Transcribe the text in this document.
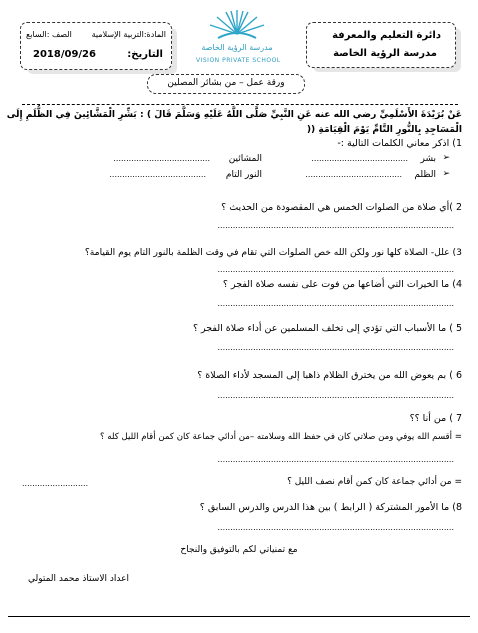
دائرة التعليم والمعرفة
مدرسة الرؤية الخاصة
المادة:التربية الإسلامية
الصف :السابع
التاريخ:
2018/09/26
مدرسة الرؤية الخاصة
VISION PRIVATE SCHOOL
ورقة عمل – من بشائر المصلين
عَنْ بُرَيْدَةَ الأَسْلَمِيِّ رضي الله عنه عَنِ النَّبِيِّ صَلَّى اللَّهُ عَلَيْهِ وَسَلَّمَ قَالَ ) : بَشِّرِ الْمَشَّائِينَ فِي الظُّلَمِ إِلَى
الْمَسَاجِدِ بِالنُّورِ التَّامِّ يَوْمَ الْقِيَامَةِ ((
1) اذكر معاني الكلمات التالية :-
➢
بشر
......................................
المشائين
......................................
➢
الظلم
......................................
النور التام
......................................
2 )أي صلاة من الصلوات الخمس هي المقصودة من الحديث ؟
.............................................................................................
3) علل- الصلاة كلها نور ولكن الله خص الصلوات التي تقام في وقت الظلمة بالنور التام يوم القيامة؟
.............................................................................................
4) ما الخيرات التي أضاعها من فوت على نفسه صلاة الفجر ؟
.............................................................................................
5 ) ما الأسباب التي تؤدي إلى تخلف المسلمين عن أداء صلاة الفجر ؟
.............................................................................................
6 ) بم يعوض الله من يخترق الظلام ذاهبا إلى المسجد لأداء الصلاة ؟
.............................................................................................
7 ) من أنا ؟؟
= أقسم الله يوفي ومن صلاتي كان في حفظ الله وسلامته –من أدائي جماعة كان كمن أقام الليل كله ؟
.............................................................................................
= من أدائي جماعة كان كمن أقام نصف الليل ؟
..........................
8) ما الأمور المشتركة ( الرابط ) بين هذا الدرس والدرس السابق ؟
.............................................................................................
مع تمنياتي لكم بالتوفيق والنجاح
اعداد الاستاذ محمد المتولي
